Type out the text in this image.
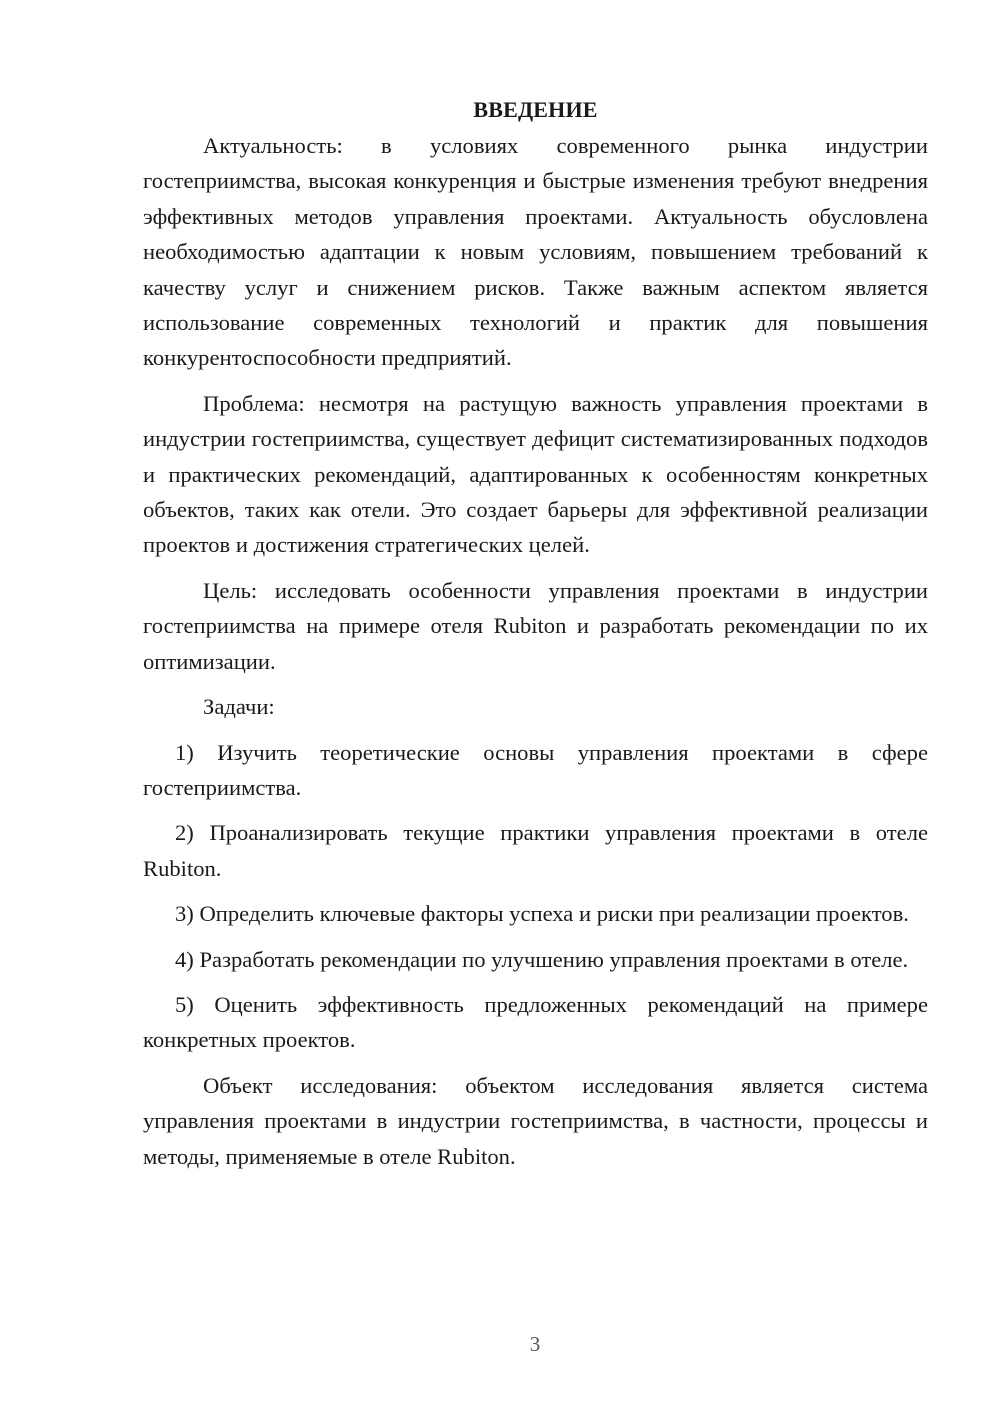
ВВЕДЕНИЕ

Актуальность: в условиях современного рынка индустрии гостеприимства, высокая конкуренция и быстрые изменения требуют внедрения эффективных методов управления проектами. Актуальность обусловлена необходимостью адаптации к новым условиям, повышением требований к качеству услуг и снижением рисков. Также важным аспектом является использование современных технологий и практик для повышения конкурентоспособности предприятий.

Проблема: несмотря на растущую важность управления проектами в индустрии гостеприимства, существует дефицит систематизированных подходов и практических рекомендаций, адаптированных к особенностям конкретных объектов, таких как отели. Это создает барьеры для эффективной реализации проектов и достижения стратегических целей.

Цель: исследовать особенности управления проектами в индустрии гостеприимства на примере отеля Rubiton и разработать рекомендации по их оптимизации.

Задачи:

1) Изучить теоретические основы управления проектами в сфере гостеприимства.

2) Проанализировать текущие практики управления проектами в отеле Rubiton.

3) Определить ключевые факторы успеха и риски при реализации проектов.

4) Разработать рекомендации по улучшению управления проектами в отеле.

5) Оценить эффективность предложенных рекомендаций на примере конкретных проектов.

Объект исследования: объектом исследования является система управления проектами в индустрии гостеприимства, в частности, процессы и методы, применяемые в отеле Rubiton.

3
